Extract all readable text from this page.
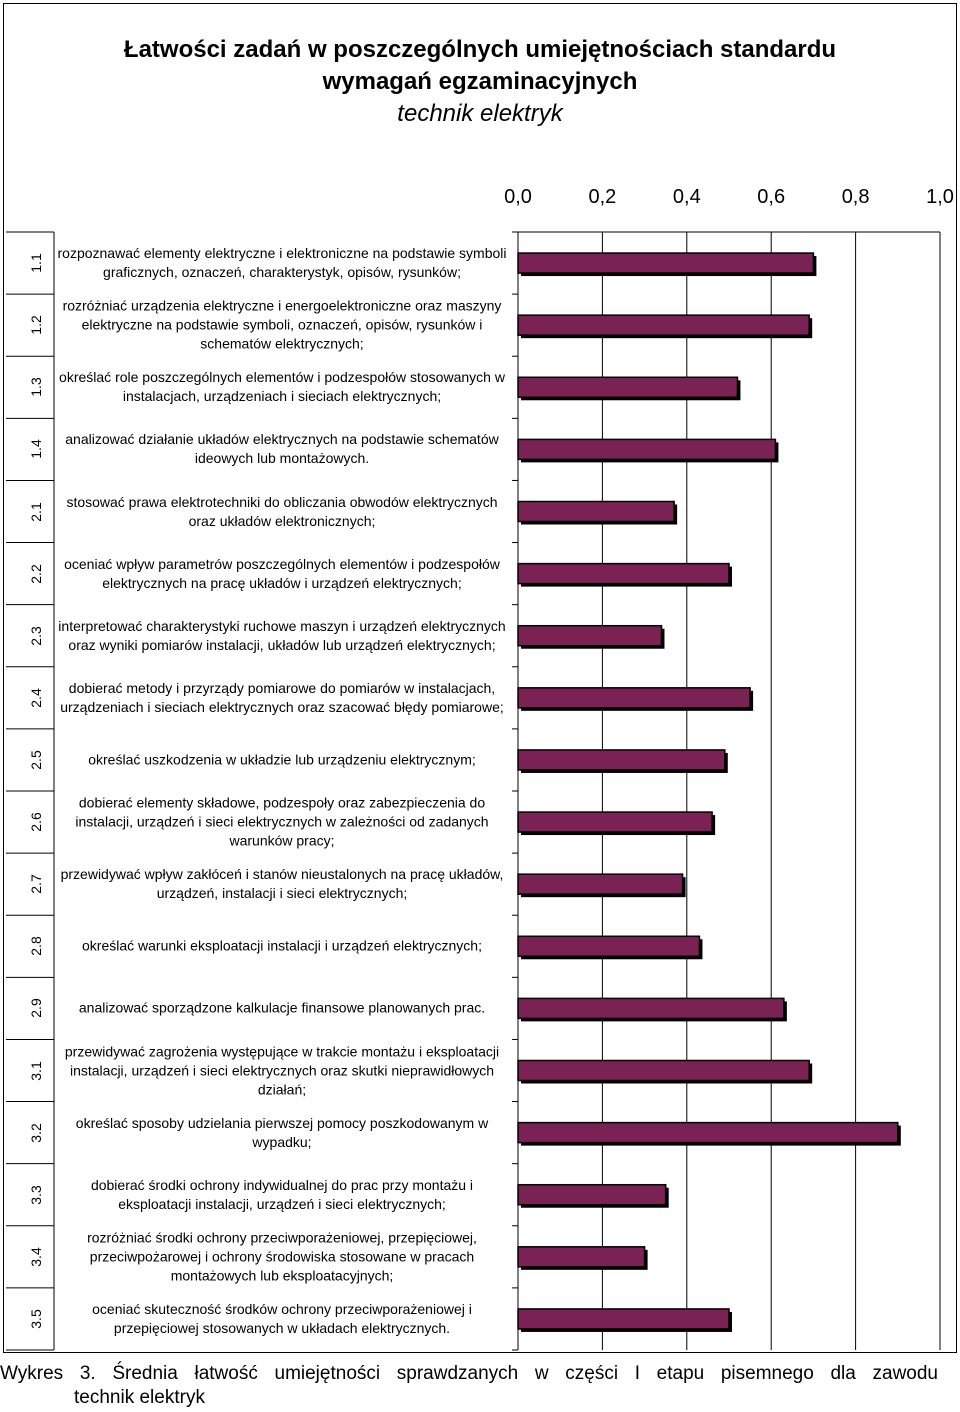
Łatwości zadań w poszczególnych umiejętnościach standardu
wymagań egzaminacyjnych
technik elektryk
0,0	0,2	0,4	0,6	0,8	1,0
1.1
rozpoznawać elementy elektryczne i elektroniczne na podstawie symboli graficznych, oznaczeń, charakterystyk, opisów, rysunków;
1.2
rozróżniać urządzenia elektryczne i energoelektroniczne oraz maszyny elektryczne na podstawie symboli, oznaczeń, opisów, rysunków i schematów elektrycznych;
1.3
określać role poszczególnych elementów i podzespołów stosowanych w instalacjach, urządzeniach i sieciach elektrycznych;
1.4
analizować działanie układów elektrycznych na podstawie schematów ideowych lub montażowych.
2.1
stosować prawa elektrotechniki do obliczania obwodów elektrycznych oraz układów elektronicznych;
2.2
oceniać wpływ parametrów poszczególnych elementów i podzespołów elektrycznych na pracę układów i urządzeń elektrycznych;
2.3
interpretować charakterystyki ruchowe maszyn i urządzeń elektrycznych oraz wyniki pomiarów instalacji, układów lub urządzeń elektrycznych;
2.4
dobierać metody i przyrządy pomiarowe do pomiarów w instalacjach, urządzeniach i sieciach elektrycznych oraz szacować błędy pomiarowe;
2.5	określać uszkodzenia w układzie lub urządzeniu elektrycznym;
2.6
dobierać elementy składowe, podzespoły oraz zabezpieczenia do instalacji, urządzeń i sieci elektrycznych w zależności od zadanych warunków pracy;
2.7
przewidywać wpływ zakłóceń i stanów nieustalonych na pracę układów, urządzeń, instalacji i sieci elektrycznych;
2.8	określać warunki eksploatacji instalacji i urządzeń elektrycznych;
2.9	analizować sporządzone kalkulacje finansowe planowanych prac.
3.1
przewidywać zagrożenia występujące w trakcie montażu i eksploatacji instalacji, urządzeń i sieci elektrycznych oraz skutki nieprawidłowych działań;
3.2
określać sposoby udzielania pierwszej pomocy poszkodowanym w wypadku;
3.3
dobierać środki ochrony indywidualnej do prac przy montażu i eksploatacji instalacji, urządzeń i sieci elektrycznych;
3.4
rozróżniać środki ochrony przeciwporażeniowej, przepięciowej, przeciwpożarowej i ochrony środowiska stosowane w pracach montażowych lub eksploatacyjnych;
3.5
oceniać skuteczność środków ochrony przeciwporażeniowej i przepięciowej stosowanych w układach elektrycznych.
Wykres 3. Średnia łatwość umiejętności sprawdzanych w części I etapu pisemnego dla zawodu
technik elektryk
